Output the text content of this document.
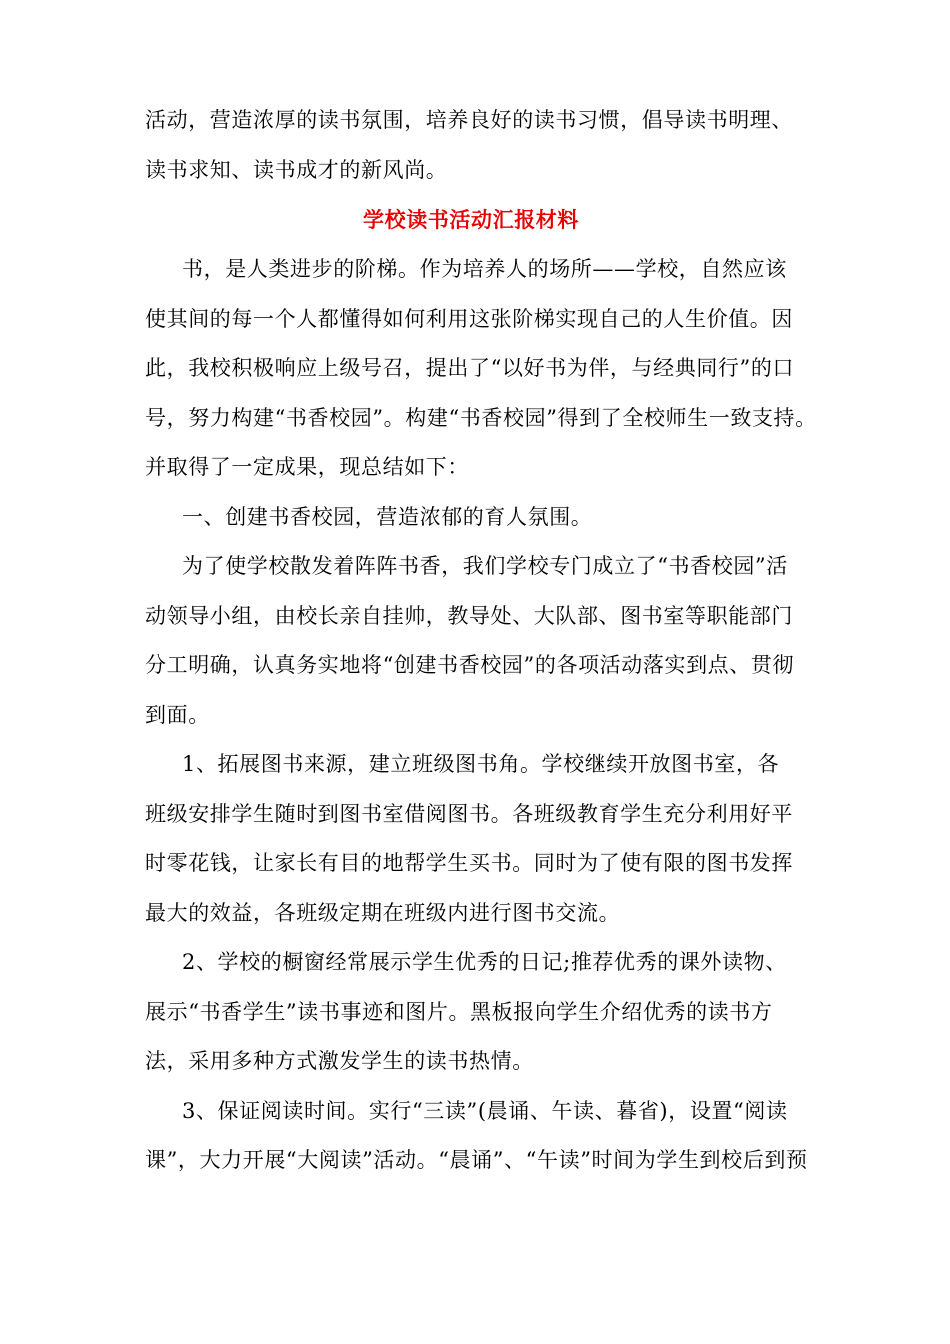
活动，营造浓厚的读书氛围，培养良好的读书习惯，倡导读书明理、
读书求知、读书成才的新风尚。
学校读书活动汇报材料
书，是人类进步的阶梯。作为培养人的场所——学校，自然应该
使其间的每一个人都懂得如何利用这张阶梯实现自己的人生价值。因
此，我校积极响应上级号召，提出了“以好书为伴，与经典同行”的口
号，努力构建“书香校园”。构建“书香校园”得到了全校师生一致支持。
并取得了一定成果，现总结如下：
一、创建书香校园，营造浓郁的育人氛围。
为了使学校散发着阵阵书香，我们学校专门成立了“书香校园”活
动领导小组，由校长亲自挂帅，教导处、大队部、图书室等职能部门
分工明确，认真务实地将“创建书香校园”的各项活动落实到点、贯彻
到面。
1、拓展图书来源，建立班级图书角。学校继续开放图书室，各
班级安排学生随时到图书室借阅图书。各班级教育学生充分利用好平
时零花钱，让家长有目的地帮学生买书。同时为了使有限的图书发挥
最大的效益，各班级定期在班级内进行图书交流。
2、学校的橱窗经常展示学生优秀的日记;推荐优秀的课外读物、
展示“书香学生”读书事迹和图片。黑板报向学生介绍优秀的读书方
法，采用多种方式激发学生的读书热情。
3、保证阅读时间。实行“三读”(晨诵、午读、暮省)，设置“阅读
课”，大力开展“大阅读”活动。“晨诵”、“午读”时间为学生到校后到预
